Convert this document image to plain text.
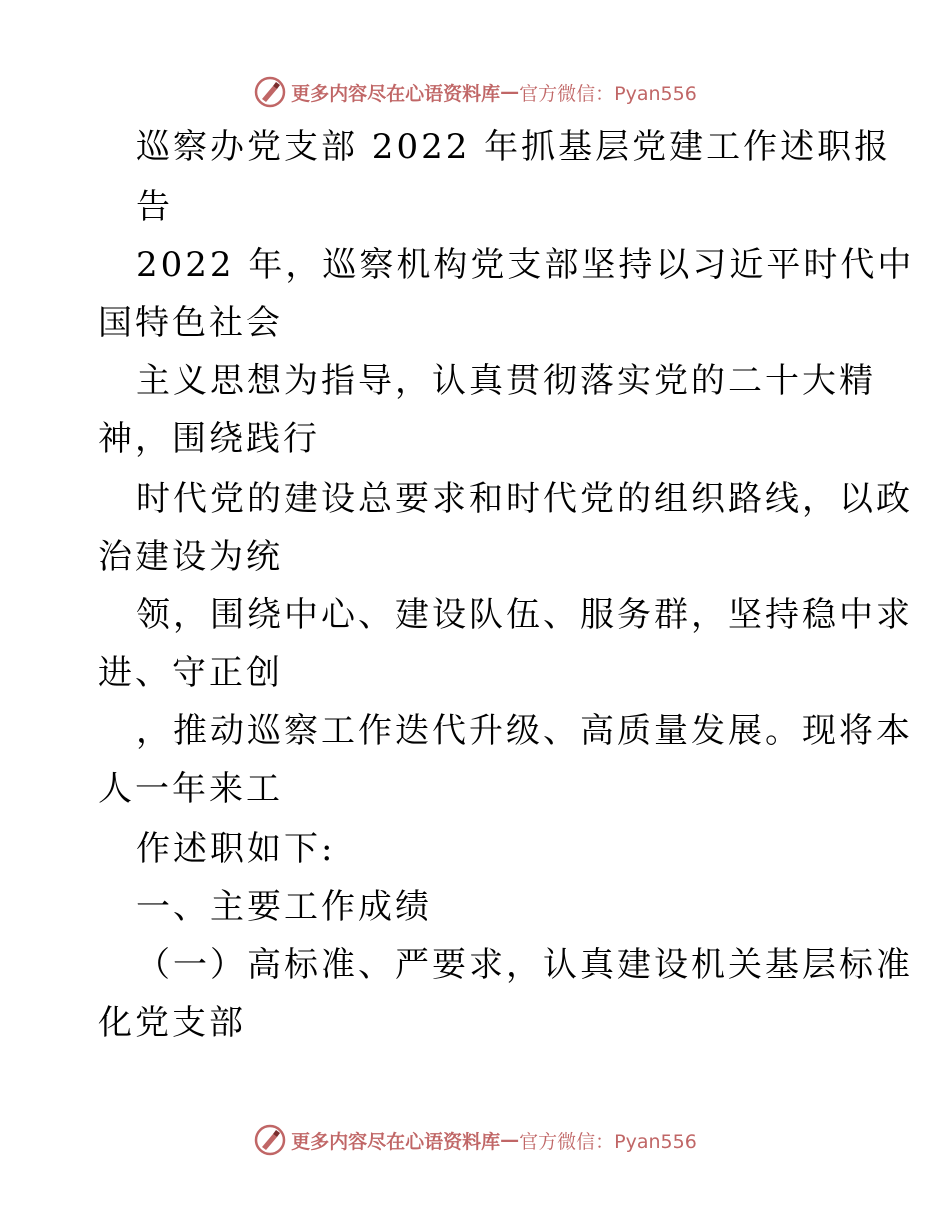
更多内容尽在心语资料库 — 官方微信：Pyan556
巡察办党支部 2022 年抓基层党建工作述职报
告
2022 年，巡察机构党支部坚持以习近平时代中
国特色社会
主义思想为指导，认真贯彻落实党的二十大精
神，围绕践行
时代党的建设总要求和时代党的组织路线，以政
治建设为统
领，围绕中心、建设队伍、服务群，坚持稳中求
进、守正创
，推动巡察工作迭代升级、高质量发展。现将本
人一年来工
作述职如下:
一、主要工作成绩
（一）高标准、严要求，认真建设机关基层标准
化党支部
更多内容尽在心语资料库 — 官方微信：Pyan556
